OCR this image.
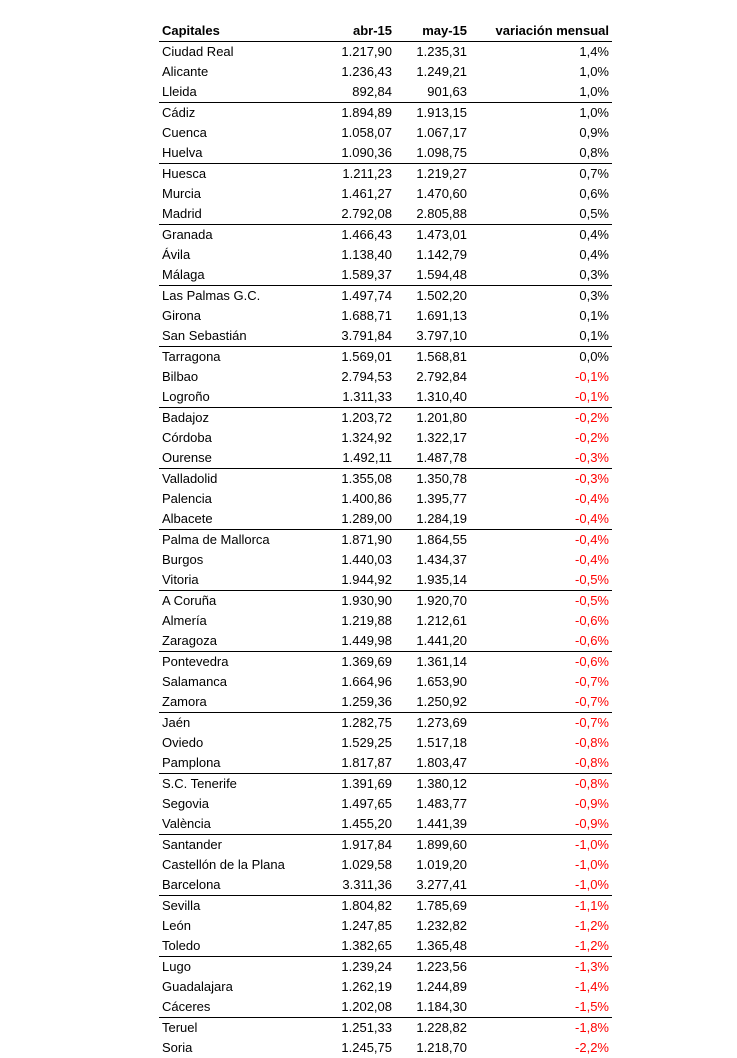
Capitales	abr-15	may-15	variación mensual
Ciudad Real	1.217,90	1.235,31	1,4%
Alicante	1.236,43	1.249,21	1,0%
Lleida	892,84	901,63	1,0%
Cádiz	1.894,89	1.913,15	1,0%
Cuenca	1.058,07	1.067,17	0,9%
Huelva	1.090,36	1.098,75	0,8%
Huesca	1.211,23	1.219,27	0,7%
Murcia	1.461,27	1.470,60	0,6%
Madrid	2.792,08	2.805,88	0,5%
Granada	1.466,43	1.473,01	0,4%
Ávila	1.138,40	1.142,79	0,4%
Málaga	1.589,37	1.594,48	0,3%
Las Palmas G.C.	1.497,74	1.502,20	0,3%
Girona	1.688,71	1.691,13	0,1%
San Sebastián	3.791,84	3.797,10	0,1%
Tarragona	1.569,01	1.568,81	0,0%
Bilbao	2.794,53	2.792,84	-0,1%
Logroño	1.311,33	1.310,40	-0,1%
Badajoz	1.203,72	1.201,80	-0,2%
Córdoba	1.324,92	1.322,17	-0,2%
Ourense	1.492,11	1.487,78	-0,3%
Valladolid	1.355,08	1.350,78	-0,3%
Palencia	1.400,86	1.395,77	-0,4%
Albacete	1.289,00	1.284,19	-0,4%
Palma de Mallorca	1.871,90	1.864,55	-0,4%
Burgos	1.440,03	1.434,37	-0,4%
Vitoria	1.944,92	1.935,14	-0,5%
A Coruña	1.930,90	1.920,70	-0,5%
Almería	1.219,88	1.212,61	-0,6%
Zaragoza	1.449,98	1.441,20	-0,6%
Pontevedra	1.369,69	1.361,14	-0,6%
Salamanca	1.664,96	1.653,90	-0,7%
Zamora	1.259,36	1.250,92	-0,7%
Jaén	1.282,75	1.273,69	-0,7%
Oviedo	1.529,25	1.517,18	-0,8%
Pamplona	1.817,87	1.803,47	-0,8%
S.C. Tenerife	1.391,69	1.380,12	-0,8%
Segovia	1.497,65	1.483,77	-0,9%
València	1.455,20	1.441,39	-0,9%
Santander	1.917,84	1.899,60	-1,0%
Castellón de la Plana	1.029,58	1.019,20	-1,0%
Barcelona	3.311,36	3.277,41	-1,0%
Sevilla	1.804,82	1.785,69	-1,1%
León	1.247,85	1.232,82	-1,2%
Toledo	1.382,65	1.365,48	-1,2%
Lugo	1.239,24	1.223,56	-1,3%
Guadalajara	1.262,19	1.244,89	-1,4%
Cáceres	1.202,08	1.184,30	-1,5%
Teruel	1.251,33	1.228,82	-1,8%
Soria	1.245,75	1.218,70	-2,2%
